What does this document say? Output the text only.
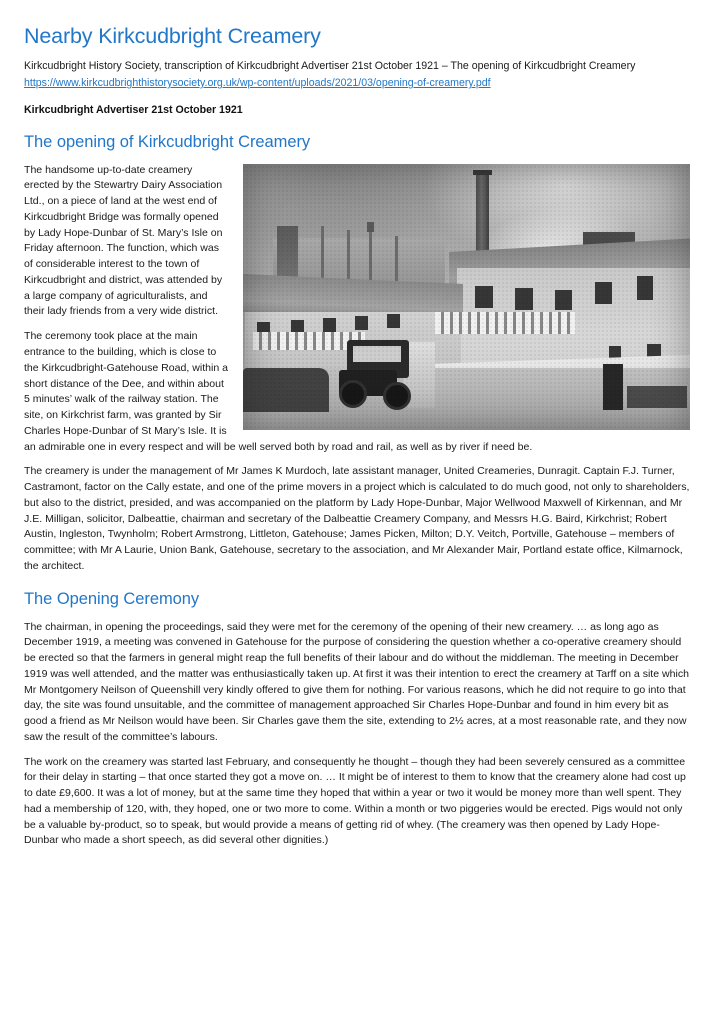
Nearby Kirkcudbright Creamery

Kirkcudbright History Society, transcription of Kirkcudbright Advertiser 21st October 1921 – The opening of Kirkcudbright Creamery

https://www.kirkcudbrighthistorysociety.org.uk/wp-content/uploads/2021/03/opening-of-creamery.pdf

Kirkcudbright Advertiser 21st October 1921

The opening of Kirkcudbright Creamery

The handsome up-to-date creamery erected by the Stewartry Dairy Association Ltd., on a piece of land at the west end of Kirkcudbright Bridge was formally opened by Lady Hope-Dunbar of St. Mary’s Isle on Friday afternoon. The function, which was of considerable interest to the town of Kirkcudbright and district, was attended by a large company of agriculturalists, and their lady friends from a very wide district.

The ceremony took place at the main entrance to the building, which is close to the Kirkcudbright-Gatehouse Road, within a short distance of the Dee, and within about 5 minutes’ walk of the railway station. The site, on Kirkchrist farm, was granted by Sir Charles Hope-Dunbar of St Mary’s Isle. It is an admirable one in every respect and will be well served both by road and rail, as well as by river if need be.

The creamery is under the management of Mr James K Murdoch, late assistant manager, United Creameries, Dunragit. Captain F.J. Turner, Castramont, factor on the Cally estate, and one of the prime movers in a project which is calculated to do much good, not only to shareholders, but also to the district, presided, and was accompanied on the platform by Lady Hope-Dunbar, Major Wellwood Maxwell of Kirkennan, and Mr J.E. Milligan, solicitor, Dalbeattie, chairman and secretary of the Dalbeattie Creamery Company, and Messrs H.G. Baird, Kirkchrist; Robert Austin, Ingleston, Twynholm; Robert Armstrong, Littleton, Gatehouse; James Picken, Milton; D.Y. Veitch, Portville, Gatehouse – members of committee; with Mr A Laurie, Union Bank, Gatehouse, secretary to the association, and Mr Alexander Mair, Portland estate office, Kilmarnock, the architect.

The Opening Ceremony

The chairman, in opening the proceedings, said they were met for the ceremony of the opening of their new creamery. … as long ago as December 1919, a meeting was convened in Gatehouse for the purpose of considering the question whether a co-operative creamery should be erected so that the farmers in general might reap the full benefits of their labour and do without the middleman. The meeting in December 1919 was well attended, and the matter was enthusiastically taken up. At first it was their intention to erect the creamery at Tarff on a site which Mr Montgomery Neilson of Queenshill very kindly offered to give them for nothing. For various reasons, which he did not require to go into that day, the site was found unsuitable, and the committee of management approached Sir Charles Hope-Dunbar and found in him every bit as good a friend as Mr Neilson would have been. Sir Charles gave them the site, extending to 2½ acres, at a most reasonable rate, and they now saw the result of the committee’s labours.

The work on the creamery was started last February, and consequently he thought – though they had been severely censured as a committee for their delay in starting – that once started they got a move on. … It might be of interest to them to know that the creamery alone had cost up to date £9,600. It was a lot of money, but at the same time they hoped that within a year or two it would be money more than well spent. They had a membership of 120, with, they hoped, one or two more to come. Within a month or two piggeries would be erected. Pigs would not only be a valuable by-product, so to speak, but would provide a means of getting rid of whey. (The creamery was then opened by Lady Hope-Dunbar who made a short speech, as did several other dignities.)
